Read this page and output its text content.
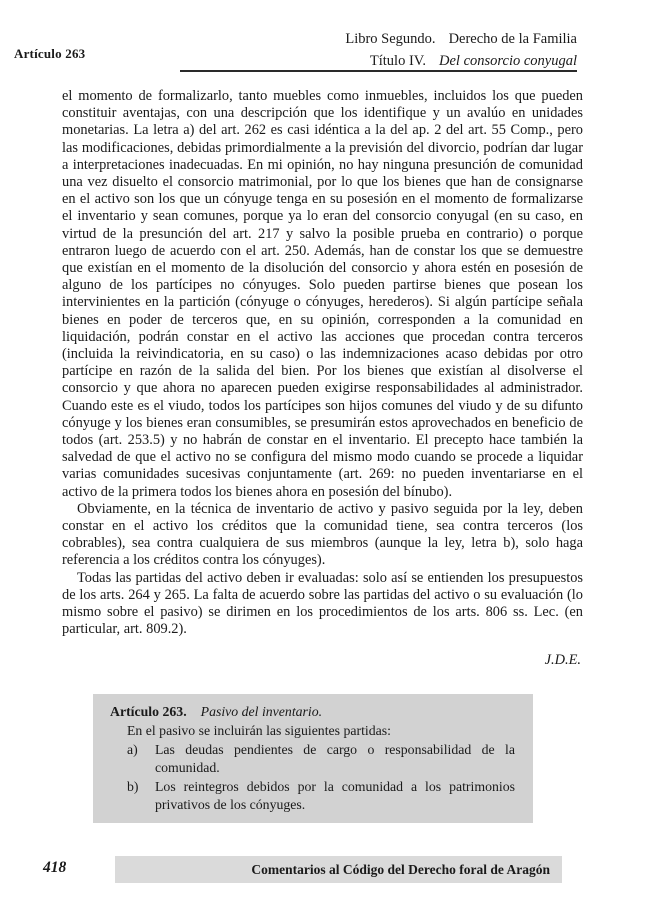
Artículo 263
Libro Segundo. Derecho de la Familia
Título IV. Del consorcio conyugal

el momento de formalizarlo, tanto muebles como inmuebles, incluidos los que pueden constituir aventajas, con una descripción que los identifique y un avalúo en unidades monetarias. La letra a) del art. 262 es casi idéntica a la del ap. 2 del art. 55 Comp., pero las modificaciones, debidas primordialmente a la previsión del divorcio, podrían dar lugar a interpretaciones inadecuadas. En mi opinión, no hay ninguna presunción de comunidad una vez disuelto el consorcio matrimonial, por lo que los bienes que han de consignarse en el activo son los que un cónyuge tenga en su posesión en el momento de formalizarse el inventario y sean comunes, porque ya lo eran del consorcio conyugal (en su caso, en virtud de la presunción del art. 217 y salvo la posible prueba en contrario) o porque entraron luego de acuerdo con el art. 250. Además, han de constar los que se demuestre que existían en el momento de la disolución del consorcio y ahora estén en posesión de alguno de los partícipes no cónyuges. Solo pueden partirse bienes que posean los intervinientes en la partición (cónyuge o cónyuges, herederos). Si algún partícipe señala bienes en poder de terceros que, en su opinión, corresponden a la comunidad en liquidación, podrán constar en el activo las acciones que procedan contra terceros (incluida la reivindicatoria, en su caso) o las indemnizaciones acaso debidas por otro partícipe en razón de la salida del bien. Por los bienes que existían al disolverse el consorcio y que ahora no aparecen pueden exigirse responsabilidades al administrador. Cuando este es el viudo, todos los partícipes son hijos comunes del viudo y de su difunto cónyuge y los bienes eran consumibles, se presumirán estos aprovechados en beneficio de todos (art. 253.5) y no habrán de constar en el inventario. El precepto hace también la salvedad de que el activo no se configura del mismo modo cuando se procede a liquidar varias comunidades sucesivas conjuntamente (art. 269: no pueden inventariarse en el activo de la primera todos los bienes ahora en posesión del bínubo).

Obviamente, en la técnica de inventario de activo y pasivo seguida por la ley, deben constar en el activo los créditos que la comunidad tiene, sea contra terceros (los cobrables), sea contra cualquiera de sus miembros (aunque la ley, letra b), solo haga referencia a los créditos contra los cónyuges).

Todas las partidas del activo deben ir evaluadas: solo así se entienden los presupuestos de los arts. 264 y 265. La falta de acuerdo sobre las partidas del activo o su evaluación (lo mismo sobre el pasivo) se dirimen en los procedimientos de los arts. 806 ss. Lec. (en particular, art. 809.2).

J.D.E.
Artículo 263. Pasivo del inventario.
En el pasivo se incluirán las siguientes partidas:
a)	Las deudas pendientes de cargo o responsabilidad de la comunidad.
b)	Los reintegros debidos por la comunidad a los patrimonios privativos de los cónyuges.
418	Comentarios al Código del Derecho foral de Aragón
